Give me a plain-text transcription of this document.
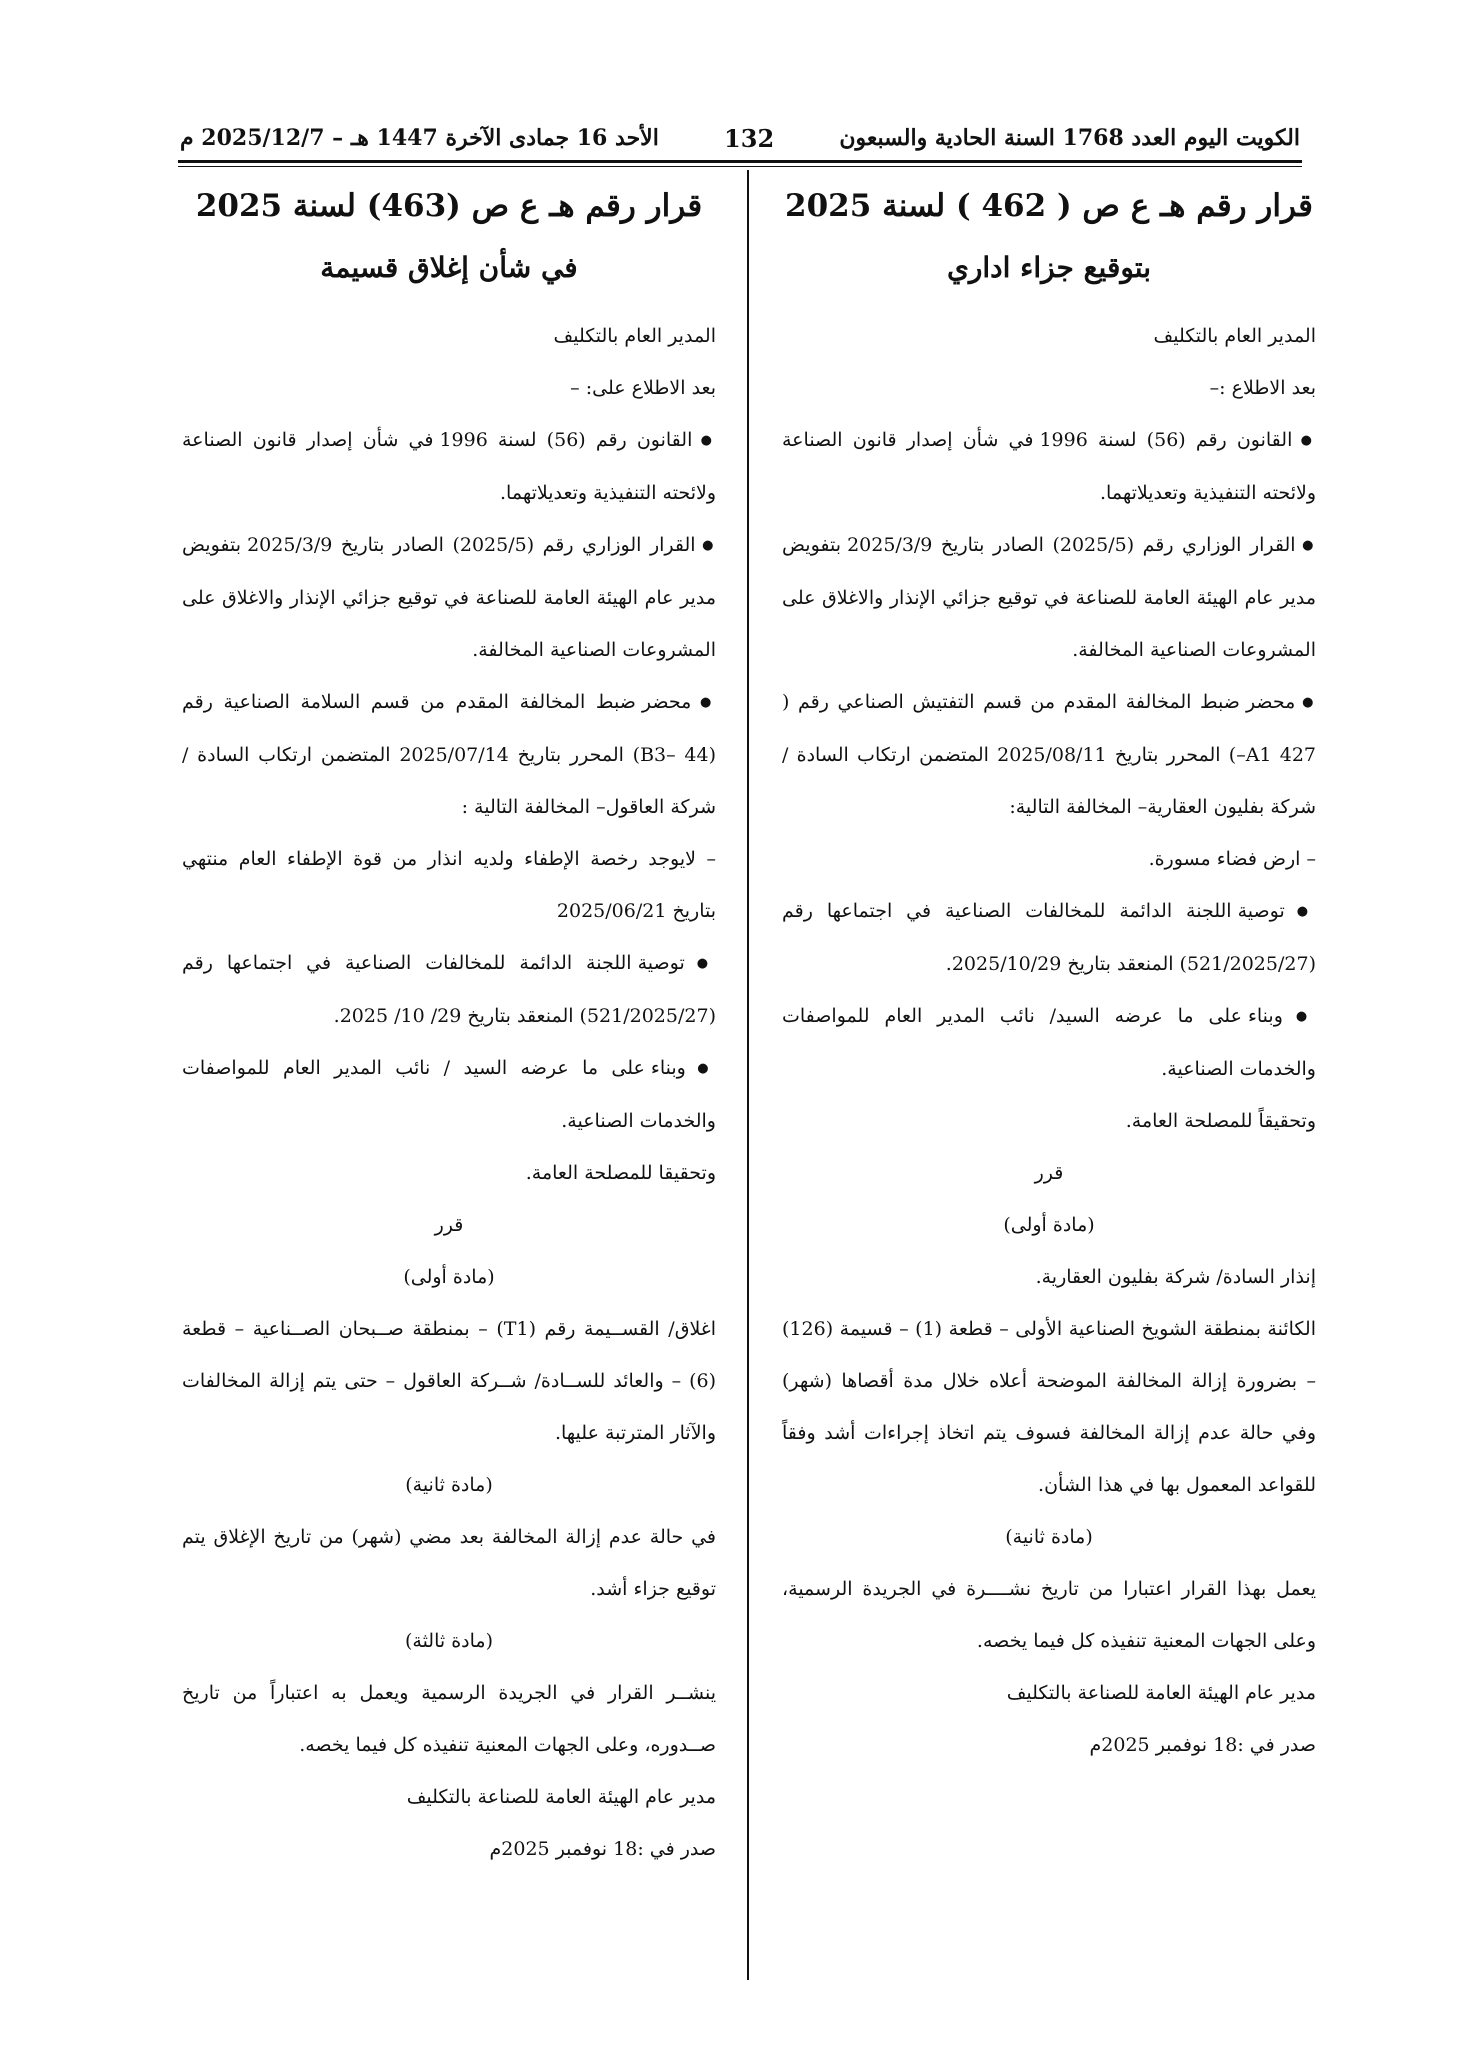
الكويت اليوم العدد 1768 السنة الحادية والسبعون
132
الأحد 16 جمادى الآخرة 1447 هـ – 2025/12/7 م
قرار رقم هـ ع ص ( 462 ) لسنة 2025
بتوقيع جزاء اداري

المدير العام بالتكليف

بعد الاطلاع :–

● القانون رقم (56) لسنة 1996 في شأن إصدار قانون الصناعة ولائحته التنفيذية وتعديلاتهما.

● القرار الوزاري رقم (2025/5) الصادر بتاريخ 2025/3/9 بتفويض مدير عام الهيئة العامة للصناعة في توقيع جزائي الإنذار والاغلاق على المشروعات الصناعية المخالفة.

● محضر ضبط المخالفة المقدم من قسم التفتيش الصناعي رقم ( A1 427–) المحرر بتاريخ 2025/08/11 المتضمن ارتكاب السادة / شركة بفليون العقارية– المخالفة التالية:

– ارض فضاء مسورة.

● توصية اللجنة الدائمة للمخالفات الصناعية في اجتماعها رقم (521/2025/27) المنعقد بتاريخ 2025/10/29.

● وبناء على ما عرضه السيد/ نائب المدير العام للمواصفات والخدمات الصناعية.

وتحقيقاً للمصلحة العامة.

قرر

(مادة أولى)

إنذار السادة/ شركة بفليون العقارية.

الكائنة بمنطقة الشويخ الصناعية الأولى – قطعة (1) – قسيمة (126) – بضرورة إزالة المخالفة الموضحة أعلاه خلال مدة أقصاها (شهر) وفي حالة عدم إزالة المخالفة فسوف يتم اتخاذ إجراءات أشد وفقاً للقواعد المعمول بها في هذا الشأن.

(مادة ثانية)

يعمل بهذا القرار اعتبارا من تاريخ نشــــرة في الجريدة الرسمية، وعلى الجهات المعنية تنفيذه كل فيما يخصه.

مدير عام الهيئة العامة للصناعة بالتكليف

صدر في :18 نوفمبر 2025م

قرار رقم هـ ع ص (463) لسنة 2025
في شأن إغلاق قسيمة

المدير العام بالتكليف

بعد الاطلاع على: –

● القانون رقم (56) لسنة 1996 في شأن إصدار قانون الصناعة ولائحته التنفيذية وتعديلاتهما.

● القرار الوزاري رقم (2025/5) الصادر بتاريخ 2025/3/9 بتفويض مدير عام الهيئة العامة للصناعة في توقيع جزائي الإنذار والاغلاق على المشروعات الصناعية المخالفة.

● محضر ضبط المخالفة المقدم من قسم السلامة الصناعية رقم (B3– 44) المحرر بتاريخ 2025/07/14 المتضمن ارتكاب السادة / شركة العاقول– المخالفة التالية :

– لايوجد رخصة الإطفاء ولديه انذار من قوة الإطفاء العام منتهي بتاريخ 2025/06/21

● توصية اللجنة الدائمة للمخالفات الصناعية في اجتماعها رقم (521/2025/27) المنعقد بتاريخ 29/ 10/ 2025.

● وبناء على ما عرضه السيد / نائب المدير العام للمواصفات والخدمات الصناعية.

وتحقيقا للمصلحة العامة.

قرر

(مادة أولى)

اغلاق/ القســيمة رقم (T1) – بمنطقة صــبحان الصــناعية – قطعة (6) – والعائد للســادة/ شــركة العاقول – حتى يتم إزالة المخالفات والآثار المترتبة عليها.

(مادة ثانية)

في حالة عدم إزالة المخالفة بعد مضي (شهر) من تاريخ الإغلاق يتم توقيع جزاء أشد.

(مادة ثالثة)

ينشــر القرار في الجريدة الرسمية ويعمل به اعتباراً من تاريخ صــدوره، وعلى الجهات المعنية تنفيذه كل فيما يخصه.

مدير عام الهيئة العامة للصناعة بالتكليف

صدر في :18 نوفمبر 2025م
